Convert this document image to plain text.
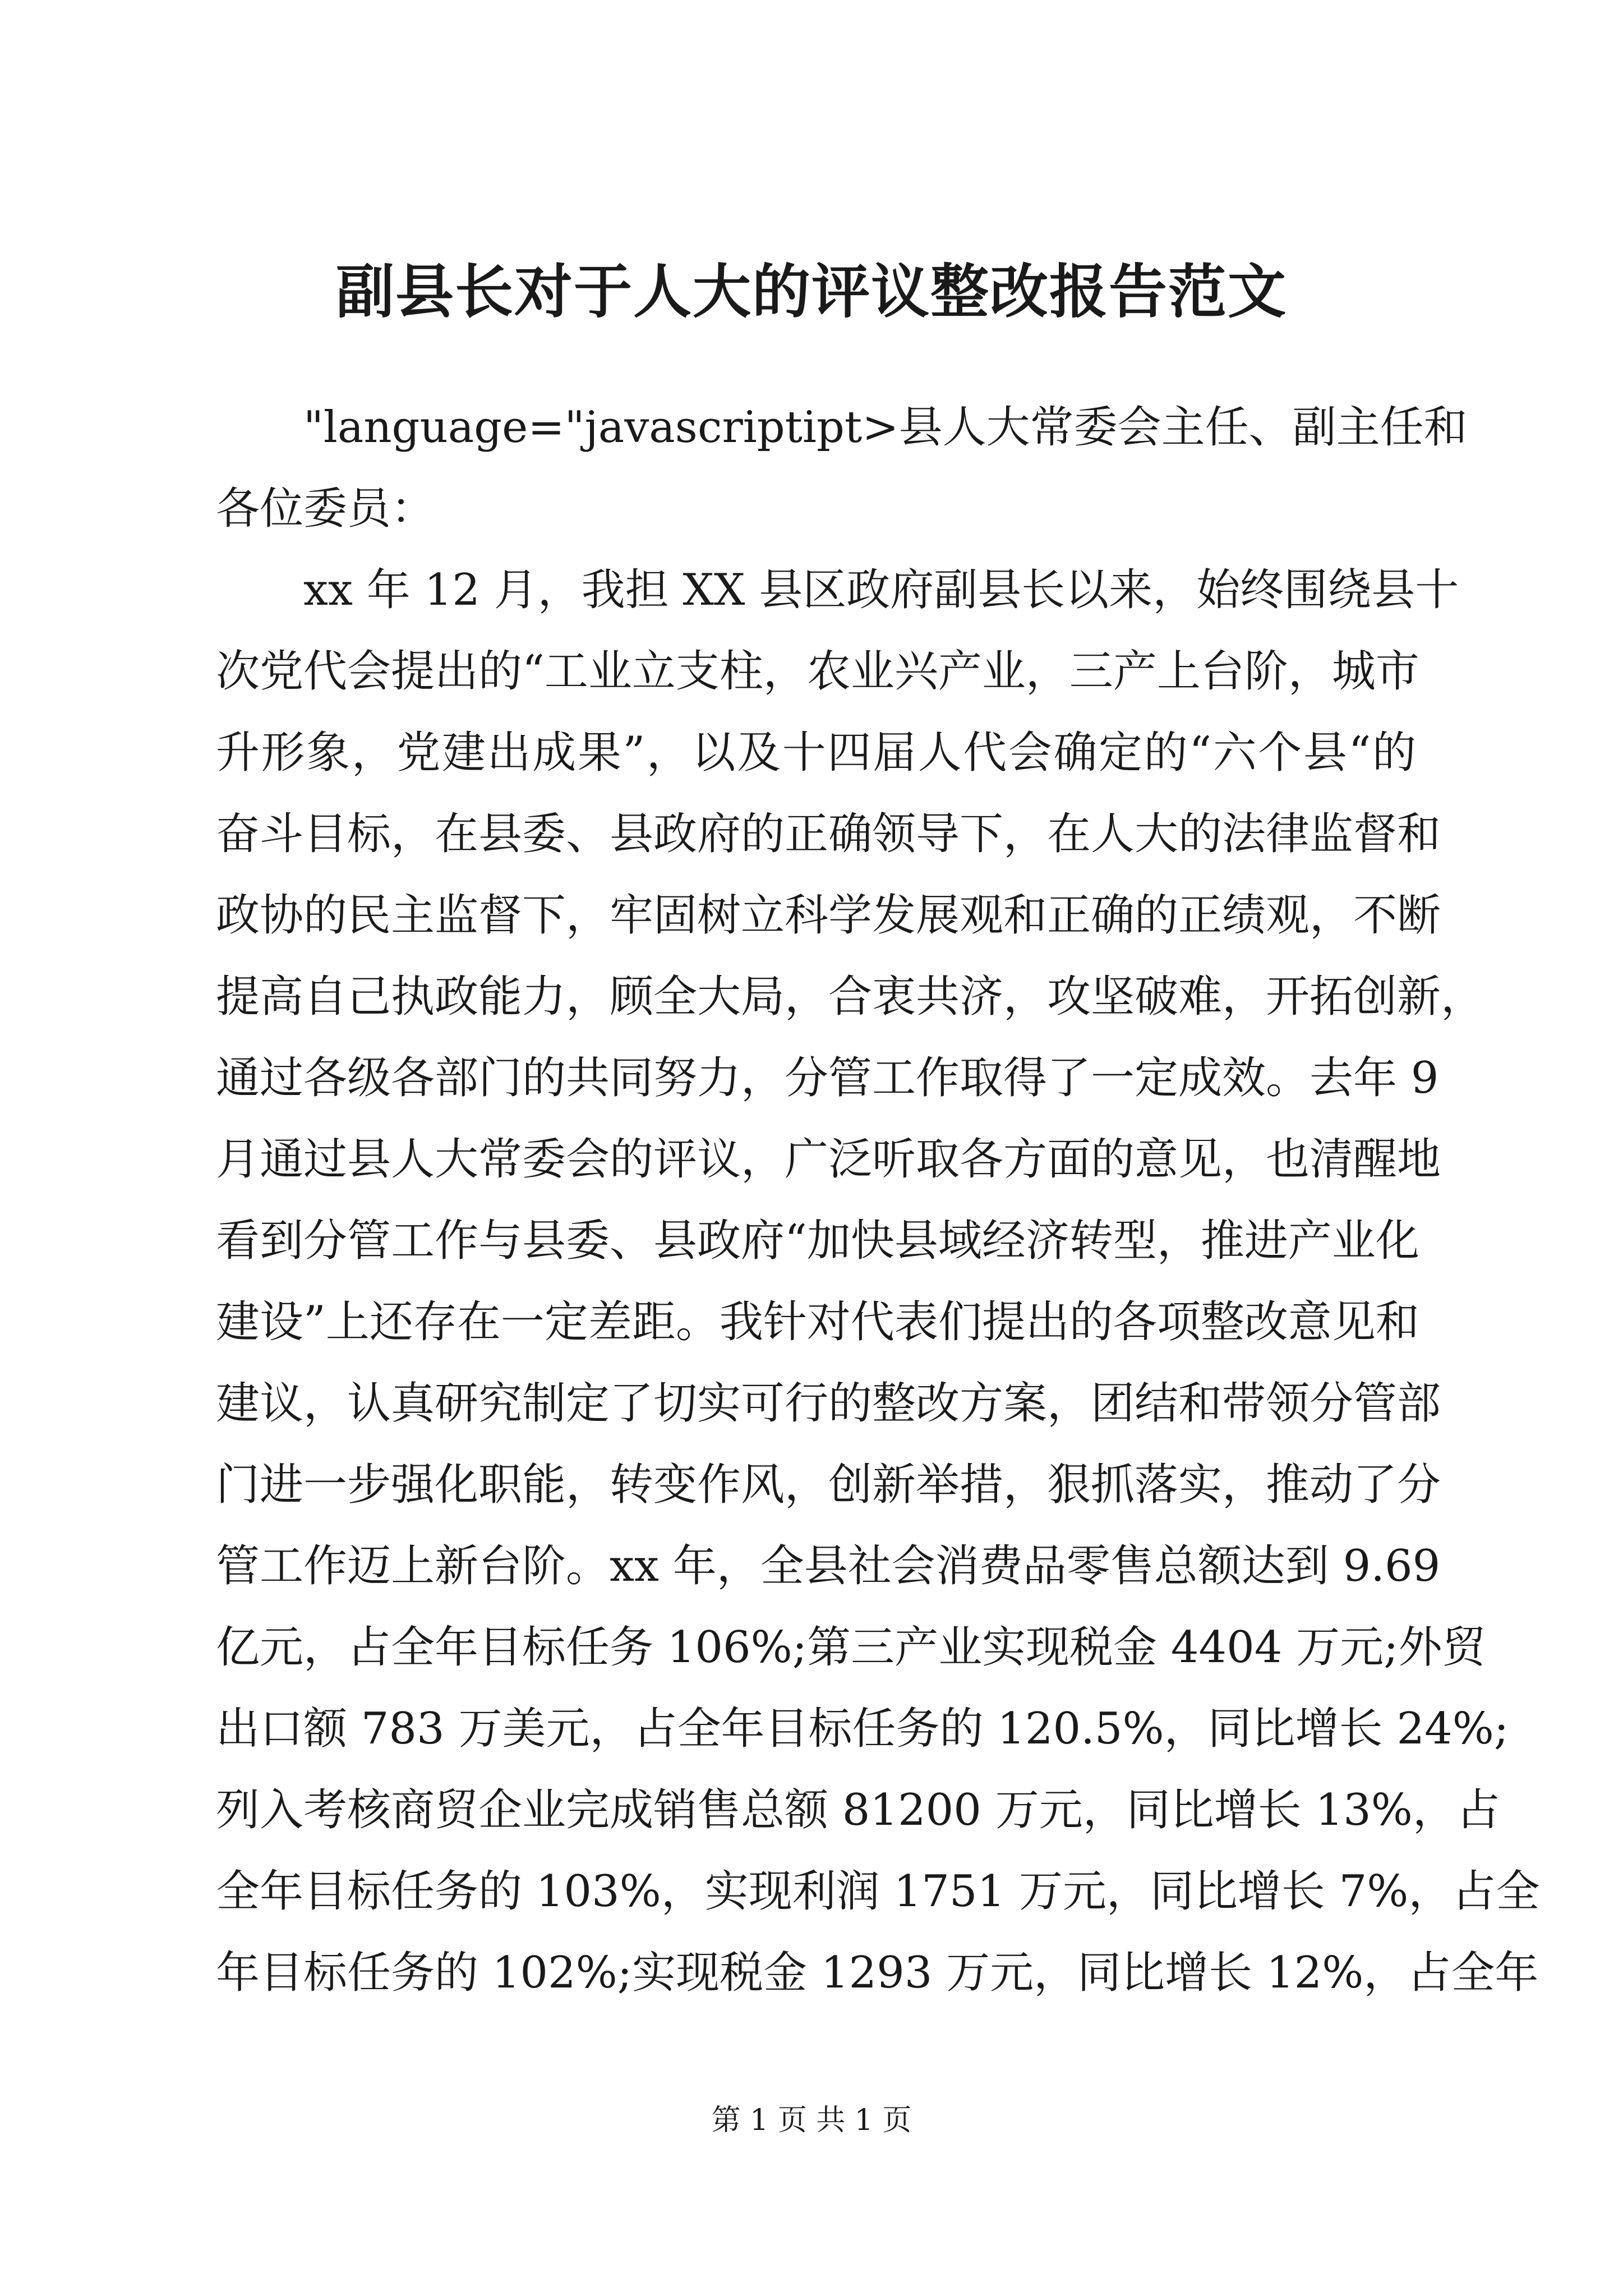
副县长对于人大的评议整改报告范文
　　"language="javascriptipt>县人大常委会主任、副主任和
各位委员：
　　xx 年 12 月，我担 XX 县区政府副县长以来，始终围绕县十
次党代会提出的“工业立支柱，农业兴产业，三产上台阶，城市
升形象，党建出成果”，以及十四届人代会确定的“六个县“的
奋斗目标，在县委、县政府的正确领导下，在人大的法律监督和
政协的民主监督下，牢固树立科学发展观和正确的正绩观，不断
提高自己执政能力，顾全大局，合衷共济，攻坚破难，开拓创新，
通过各级各部门的共同努力，分管工作取得了一定成效。去年 9
月通过县人大常委会的评议，广泛听取各方面的意见，也清醒地
看到分管工作与县委、县政府“加快县域经济转型，推进产业化
建设”上还存在一定差距。我针对代表们提出的各项整改意见和
建议，认真研究制定了切实可行的整改方案，团结和带领分管部
门进一步强化职能，转变作风，创新举措，狠抓落实，推动了分
管工作迈上新台阶。xx 年，全县社会消费品零售总额达到 9.69
亿元，占全年目标任务 106%;第三产业实现税金 4404 万元;外贸
出口额 783 万美元，占全年目标任务的 120.5%，同比增长 24%;
列入考核商贸企业完成销售总额 81200 万元，同比增长 13%，占
全年目标任务的 103%，实现利润 1751 万元，同比增长 7%，占全
年目标任务的 102%;实现税金 1293 万元，同比增长 12%，占全年

第 1 页 共 1 页
